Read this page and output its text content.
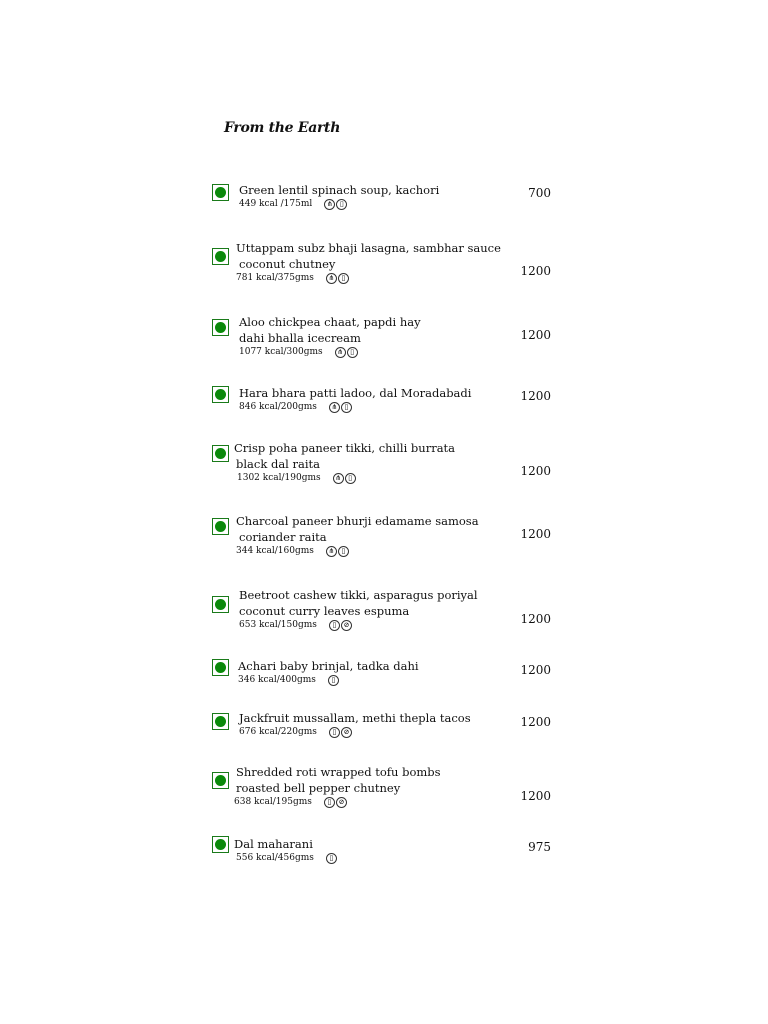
From the Earth
Green lentil spinach soup, kachori
449 kcal /175ml	⋔	▯
700
Uttappam subz bhaji lasagna, sambhar sauce
coconut chutney
781 kcal/375gms	⋔	▯	1200
Aloo chickpea chaat, papdi hay
dahi bhalla icecream
1077 kcal/300gms	⋔	▯
1200
Hara bhara patti ladoo, dal Moradabadi
846 kcal/200gms	⋔	▯
1200
Crisp poha paneer tikki, chilli burrata
black dal raita
1302 kcal/190gms	⋔	▯	1200
Charcoal paneer bhurji edamame samosa
coriander raita
344 kcal/160gms	⋔	▯
1200
Beetroot cashew tikki, asparagus poriyal
coconut curry leaves espuma
653 kcal/150gms	▯	⊘	1200
Achari baby brinjal, tadka dahi
346 kcal/400gms	▯
1200
Jackfruit mussallam, methi thepla tacos
676 kcal/220gms	▯	⊘
1200
Shredded roti wrapped tofu bombs
roasted bell pepper chutney
638 kcal/195gms	▯	⊘	1200
Dal maharani
556 kcal/456gms	▯
975
